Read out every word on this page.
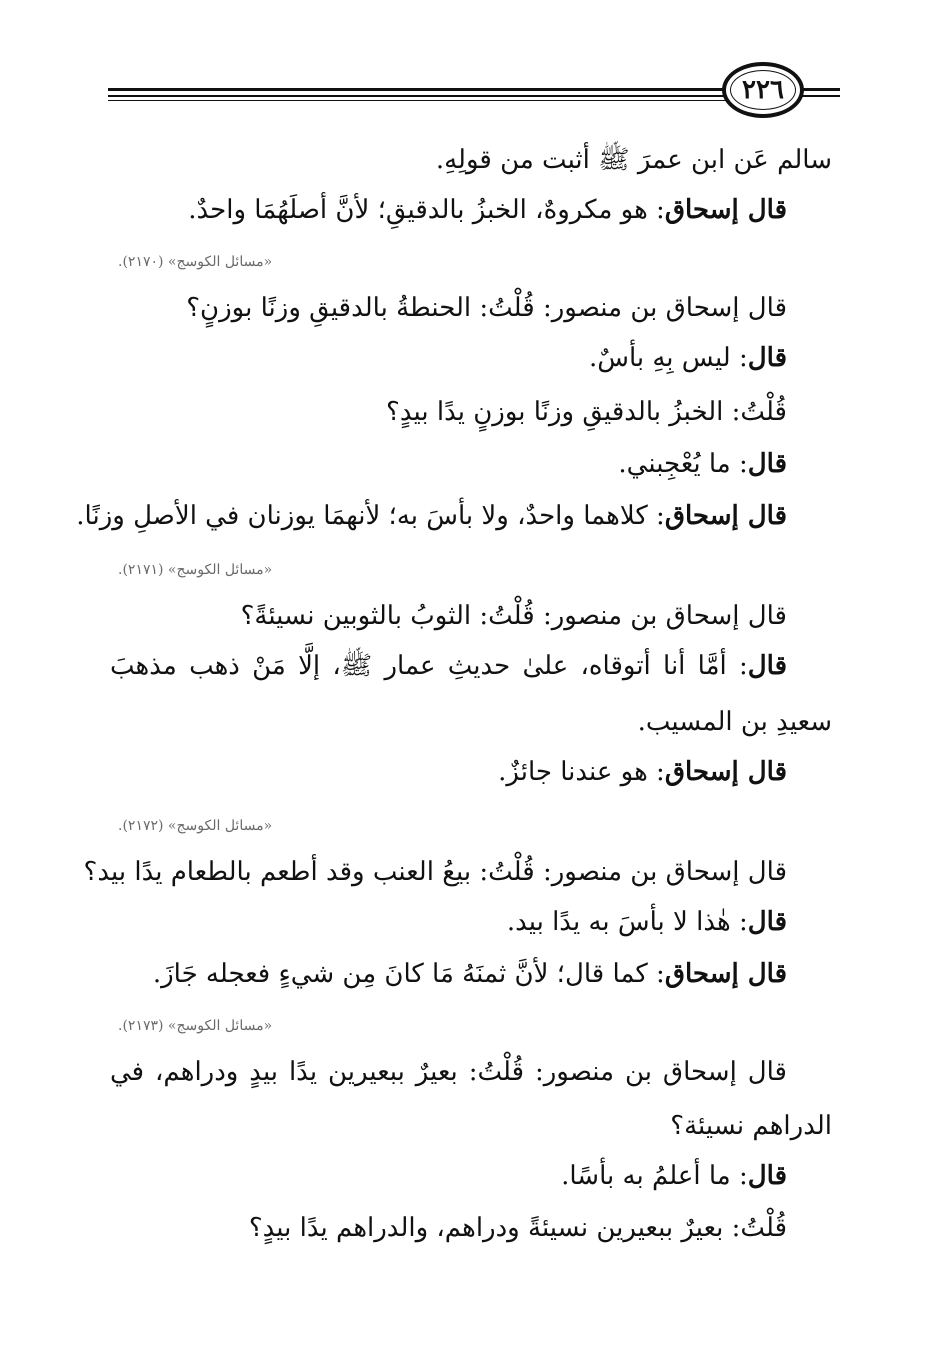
٢٢٦
سالم عَن ابن عمرَ ﷺ أثبت من قولِهِ.
قال إسحاق: هو مكروهٌ، الخبزُ بالدقيقِ؛ لأنَّ أصلَهُمَا واحدٌ.
«مسائل الكوسج» (٢١٧٠).
قال إسحاق بن منصور: قُلْتُ: الحنطةُ بالدقيقِ وزنًا بوزنٍ؟
قال: ليس بِهِ بأسٌ.
قُلْتُ: الخبزُ بالدقيقِ وزنًا بوزنٍ يدًا بيدٍ؟
قال: ما يُعْجِبني.
قال إسحاق: كلاهما واحدٌ، ولا بأسَ به؛ لأنهمَا يوزنان في الأصلِ وزنًا.
«مسائل الكوسج» (٢١٧١).
قال إسحاق بن منصور: قُلْتُ: الثوبُ بالثوبين نسيئةً؟
قال: أمَّا أنا أتوقاه، علىٰ حديثِ عمار ﷺ، إلَّا مَنْ ذهب مذهبَ
سعيدِ بن المسيب.
قال إسحاق: هو عندنا جائزٌ.
«مسائل الكوسج» (٢١٧٢).
قال إسحاق بن منصور: قُلْتُ: بيعُ العنب وقد أطعم بالطعام يدًا بيد؟
قال: هٰذا لا بأسَ به يدًا بيد.
قال إسحاق: كما قال؛ لأنَّ ثمنَهُ مَا كانَ مِن شيءٍ فعجله جَازَ.
«مسائل الكوسج» (٢١٧٣).
قال إسحاق بن منصور: قُلْتُ: بعيرٌ ببعيرين يدًا بيدٍ ودراهم، في
الدراهم نسيئة؟
قال: ما أعلمُ به بأسًا.
قُلْتُ: بعيرٌ ببعيرين نسيئةً ودراهم، والدراهم يدًا بيدٍ؟
